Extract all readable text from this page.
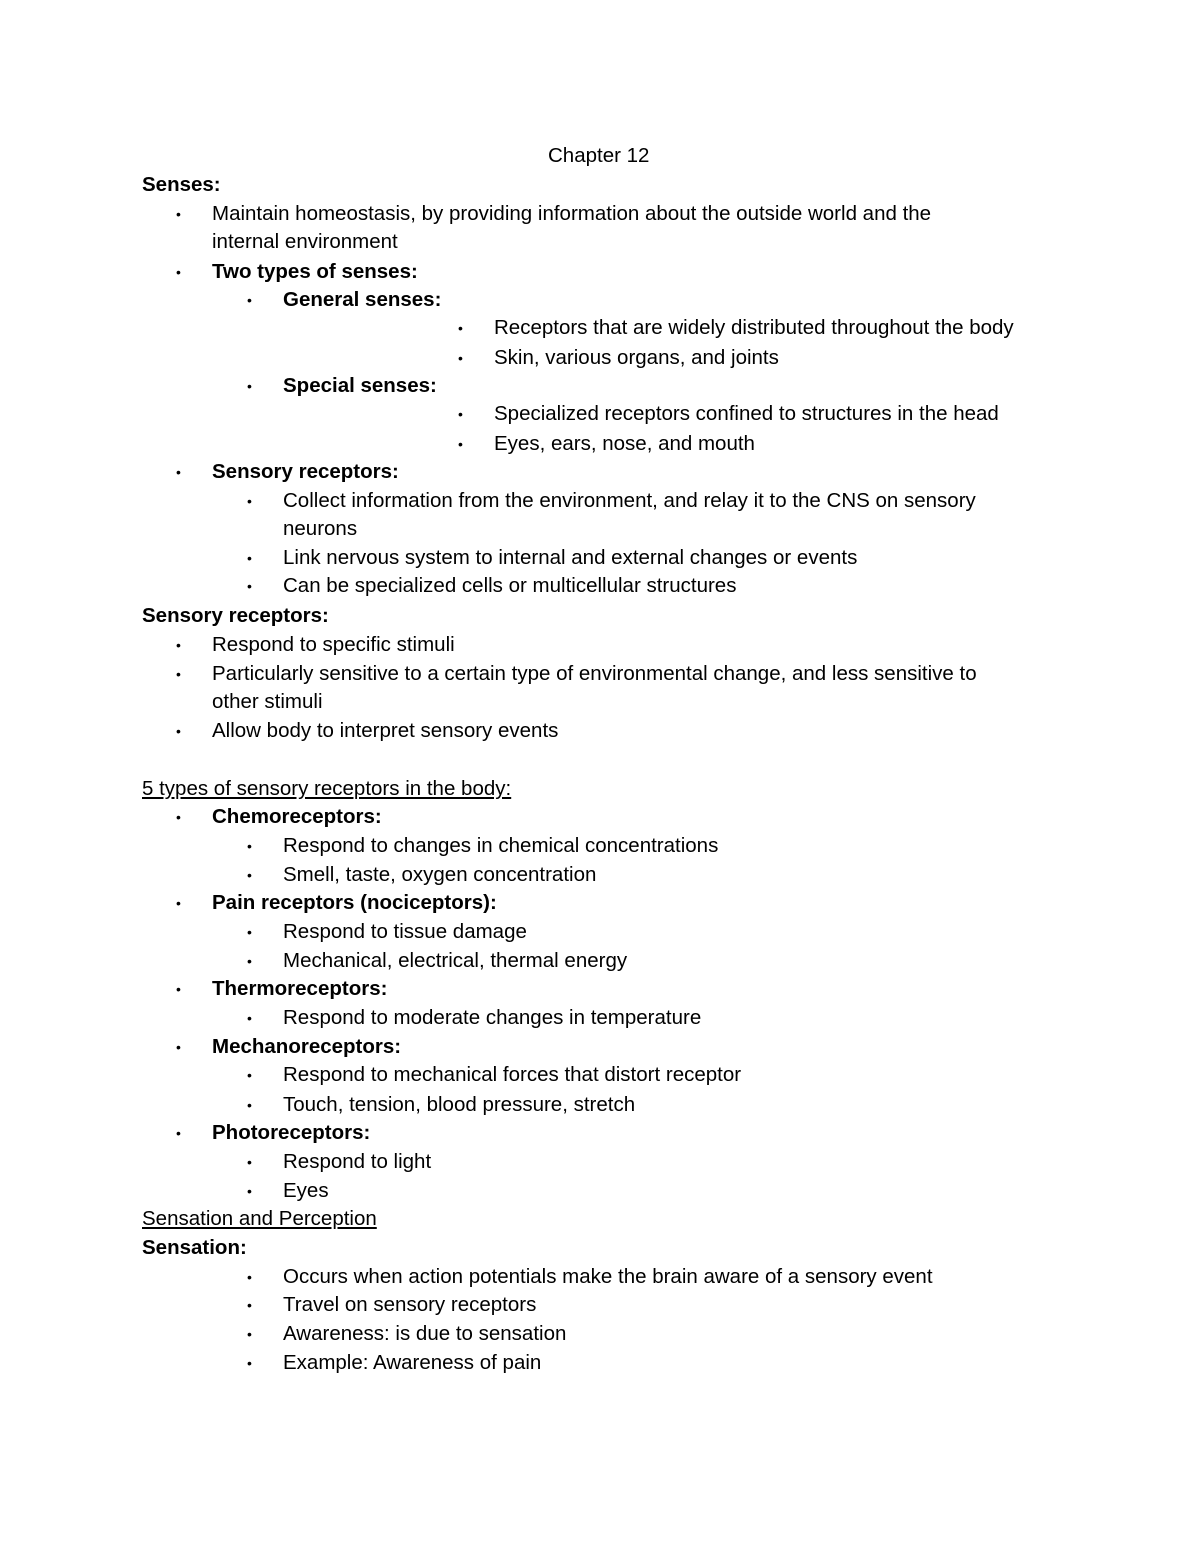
Chapter 12
Senses:
• Maintain homeostasis, by providing information about the outside world and the
internal environment
• Two types of senses:
• General senses:
• Receptors that are widely distributed throughout the body
• Skin, various organs, and joints
• Special senses:
• Specialized receptors confined to structures in the head
• Eyes, ears, nose, and mouth
• Sensory receptors:
• Collect information from the environment, and relay it to the CNS on sensory
neurons
• Link nervous system to internal and external changes or events
• Can be specialized cells or multicellular structures
Sensory receptors:
• Respond to specific stimuli
• Particularly sensitive to a certain type of environmental change, and less sensitive to
other stimuli
• Allow body to interpret sensory events
5 types of sensory receptors in the body:
• Chemoreceptors:
• Respond to changes in chemical concentrations
• Smell, taste, oxygen concentration
• Pain receptors (nociceptors):
• Respond to tissue damage
• Mechanical, electrical, thermal energy
• Thermoreceptors:
• Respond to moderate changes in temperature
• Mechanoreceptors:
• Respond to mechanical forces that distort receptor
• Touch, tension, blood pressure, stretch
• Photoreceptors:
• Respond to light
• Eyes
Sensation and Perception
Sensation:
• Occurs when action potentials make the brain aware of a sensory event
• Travel on sensory receptors
• Awareness: is due to sensation
• Example: Awareness of pain
